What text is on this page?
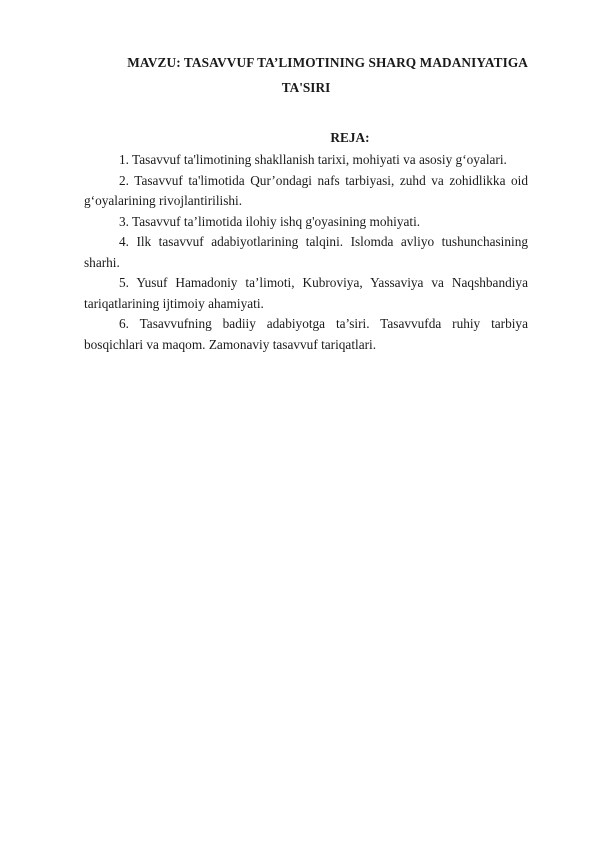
MAVZU: TASAVVUF TA’LIMOTINING SHARQ MADANIYATIGA
TA'SIRI
REJA:
1. Tasavvuf ta'limotining shakllanish tarixi, mohiyati va asosiy g‘oyalari.
2. Tasavvuf ta'limotida Qur’ondagi nafs tarbiyasi, zuhd va zohidlikka oid g‘oyalarining rivojlantirilishi.
3. Tasavvuf ta’limotida ilohiy ishq g'oyasining mohiyati.
4. Ilk tasavvuf adabiyotlarining talqini. Islomda avliyo tushunchasining sharhi.
5. Yusuf Hamadoniy ta’limoti, Kubroviya, Yassaviya va Naqshbandiya tariqatlarining ijtimoiy ahamiyati.
6. Tasavvufning badiiy adabiyotga ta’siri. Tasavvufda ruhiy tarbiya bosqichlari va maqom. Zamonaviy tasavvuf tariqatlari.
